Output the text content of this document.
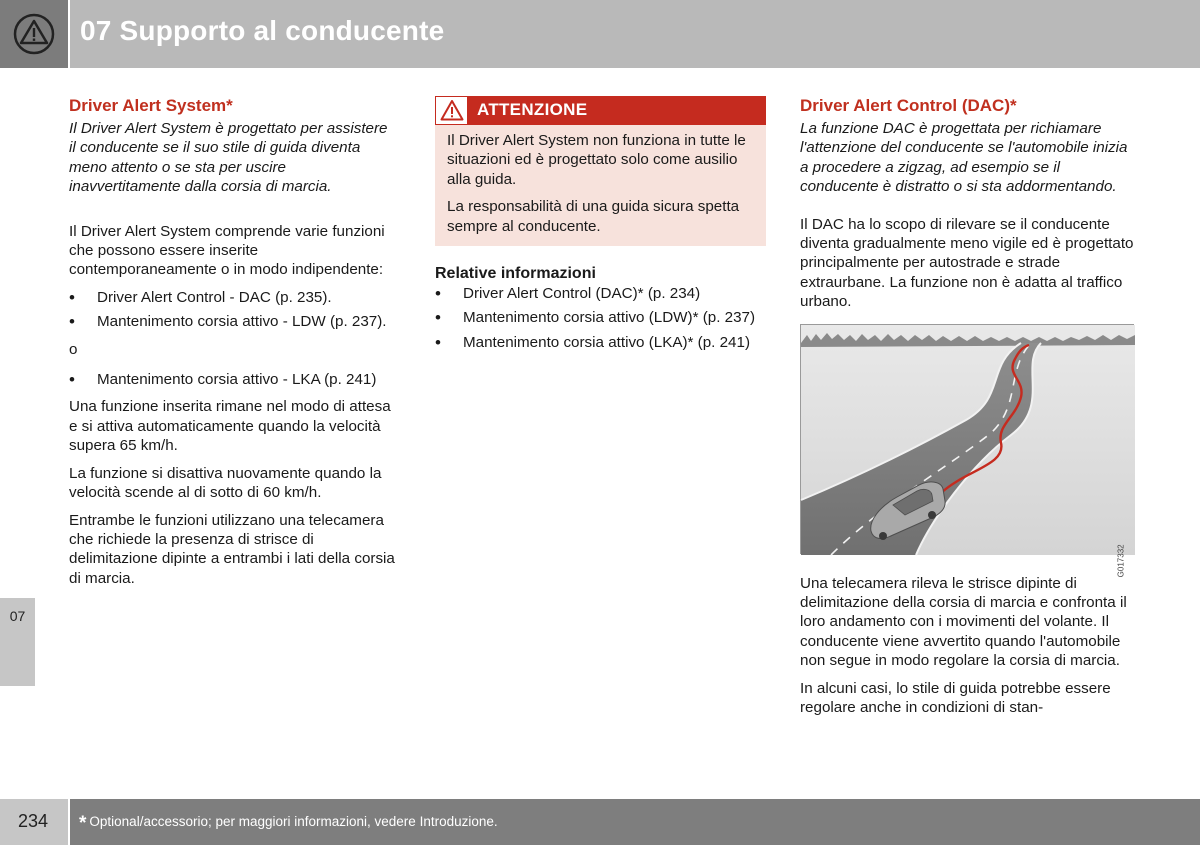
07 Supporto al conducente
07
Driver Alert System*

Il Driver Alert System è progettato per assistere il conducente se il suo stile di guida diventa meno attento o se sta per uscire inavvertitamente dalla corsia di marcia.

Il Driver Alert System comprende varie funzioni che possono essere inserite contemporaneamente o in modo indipendente:

• Driver Alert Control - DAC (p. 235).
• Mantenimento corsia attivo - LDW (p. 237).

o

• Mantenimento corsia attivo - LKA (p. 241)

Una funzione inserita rimane nel modo di attesa e si attiva automaticamente quando la velocità supera 65 km/h.

La funzione si disattiva nuovamente quando la velocità scende al di sotto di 60 km/h.

Entrambe le funzioni utilizzano una telecamera che richiede la presenza di strisce di delimitazione dipinte a entrambi i lati della corsia di marcia.

ATTENZIONE

Il Driver Alert System non funziona in tutte le situazioni ed è progettato solo come ausilio alla guida.

La responsabilità di una guida sicura spetta sempre al conducente.

Relative informazioni
• Driver Alert Control (DAC)* (p. 234)
• Mantenimento corsia attivo (LDW)* (p. 237)
• Mantenimento corsia attivo (LKA)* (p. 241)
Driver Alert Control (DAC)*

La funzione DAC è progettata per richiamare l'attenzione del conducente se l'automobile inizia a procedere a zigzag, ad esempio se il conducente è distratto o si sta addormentando.

Il DAC ha lo scopo di rilevare se il conducente diventa gradualmente meno vigile ed è progettato principalmente per autostrade e strade extraurbane. La funzione non è adatta al traffico urbano.

G017332

Una telecamera rileva le strisce dipinte di delimitazione della corsia di marcia e confronta il loro andamento con i movimenti del volante. Il conducente viene avvertito quando l'automobile non segue in modo regolare la corsia di marcia.

In alcuni casi, lo stile di guida potrebbe essere regolare anche in condizioni di stan-

234 * Optional/accessorio; per maggiori informazioni, vedere Introduzione.
